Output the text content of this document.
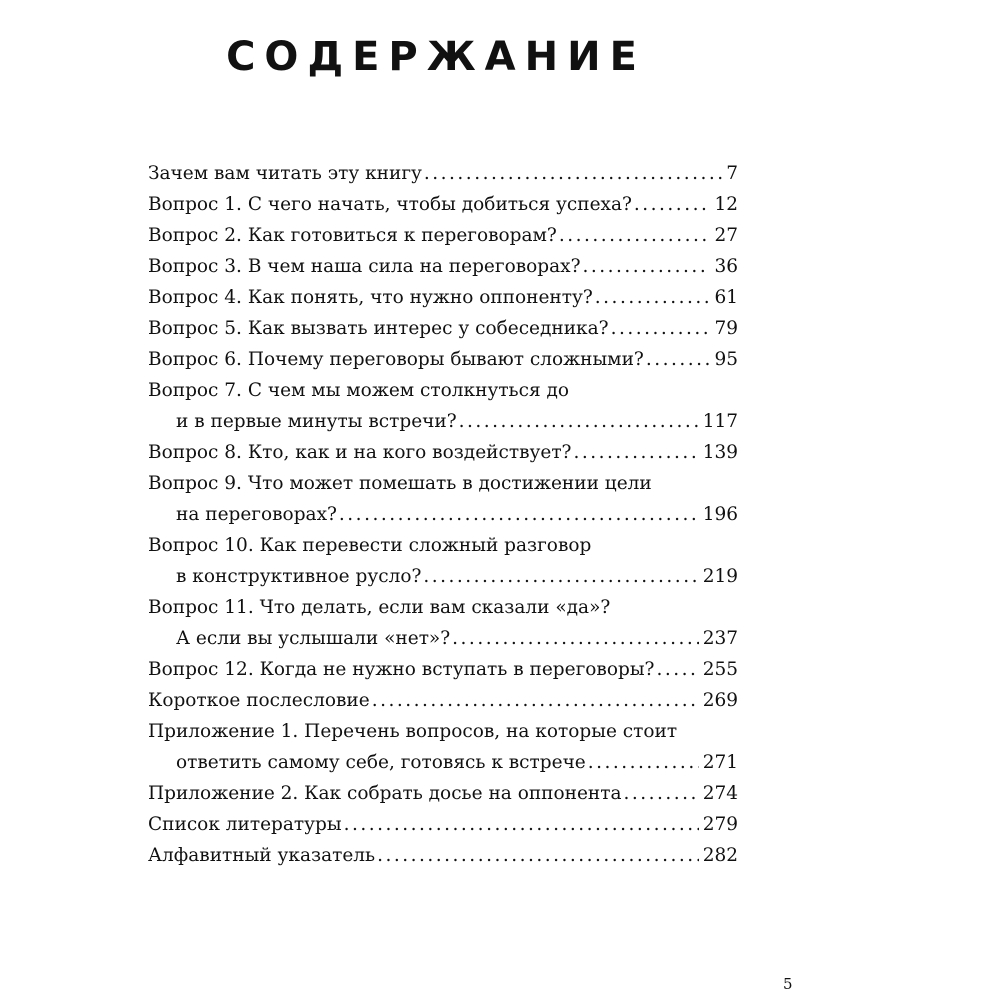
СОДЕРЖАНИЕ
Зачем вам читать эту книгу .....	7
Вопрос 1. С чего начать, чтобы добиться успеха? .....	12
Вопрос 2. Как готовиться к переговорам? .....	27
Вопрос 3. В чем наша сила на переговорах? .....	36
Вопрос 4. Как понять, что нужно оппоненту? .....	61
Вопрос 5. Как вызвать интерес у собеседника? .....	79
Вопрос 6. Почему переговоры бывают сложными? .....	95
Вопрос 7. С чем мы можем столкнуться до
и в первые минуты встречи? .....	117
Вопрос 8. Кто, как и на кого воздействует? .....	139
Вопрос 9. Что может помешать в достижении цели
на переговорах? .....	196
Вопрос 10. Как перевести сложный разговор
в конструктивное русло? .....	219
Вопрос 11. Что делать, если вам сказали «да»?
А если вы услышали «нет»? .....	237
Вопрос 12. Когда не нужно вступать в переговоры? .....	255
Короткое послесловие .....	269
Приложение 1. Перечень вопросов, на которые стоит
ответить самому себе, готовясь к встрече .....	271
Приложение 2. Как собрать досье на оппонента .....	274
Список литературы .....	279
Алфавитный указатель .....	282

5
